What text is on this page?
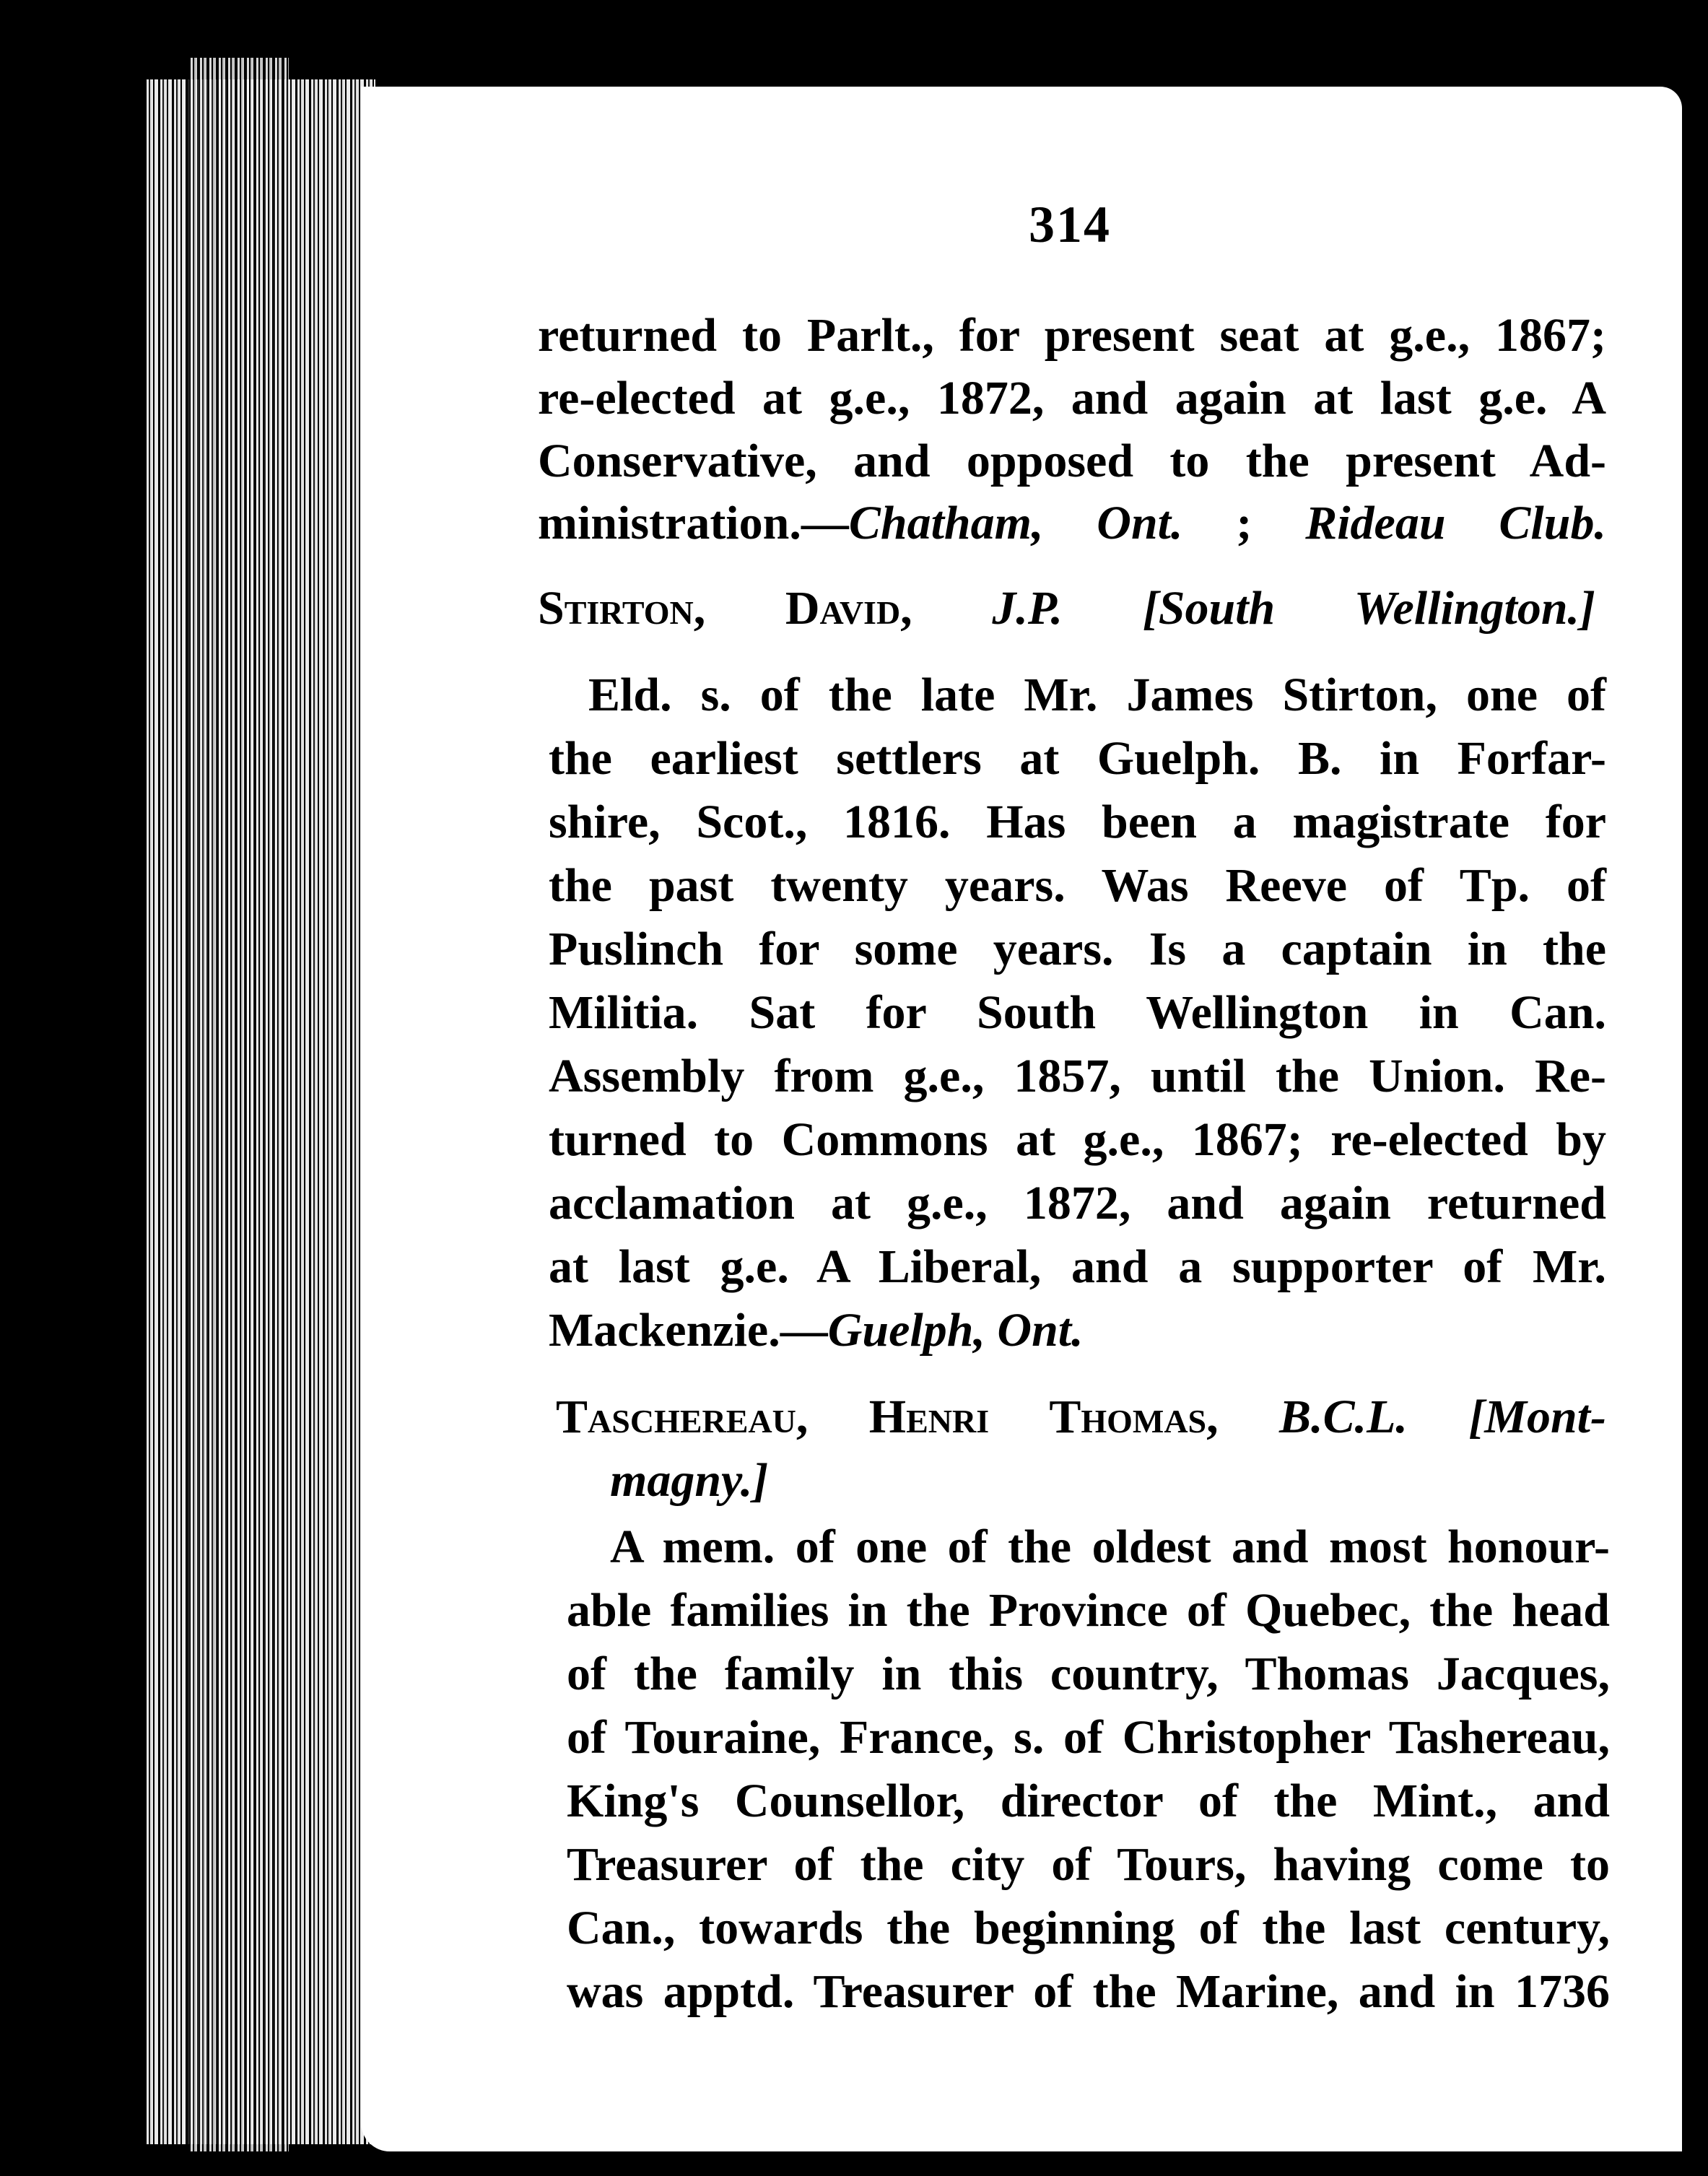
314
returned to Parlt., for present seat at g.e., 1867;
re-elected at g.e., 1872, and again at last g.e. A
Conservative, and opposed to the present Ad-
ministration.—Chatham, Ont. ; Rideau Club.
Stirton, David, J.P. [South Wellington.]
Eld. s. of the late Mr. James Stirton, one of
the earliest settlers at Guelph. B. in Forfar-
shire, Scot., 1816. Has been a magistrate for
the past twenty years. Was Reeve of Tp. of
Puslinch for some years. Is a captain in the
Militia. Sat for South Wellington in Can.
Assembly from g.e., 1857, until the Union. Re-
turned to Commons at g.e., 1867; re-elected by
acclamation at g.e., 1872, and again returned
at last g.e. A Liberal, and a supporter of Mr.
Mackenzie.—Guelph, Ont.
Taschereau, Henri Thomas, B.C.L. [Mont-
magny.]
A mem. of one of the oldest and most honour-
able families in the Province of Quebec, the head
of the family in this country, Thomas Jacques,
of Touraine, France, s. of Christopher Tashereau,
King's Counsellor, director of the Mint., and
Treasurer of the city of Tours, having come to
Can., towards the beginning of the last century,
was apptd. Treasurer of the Marine, and in 1736
